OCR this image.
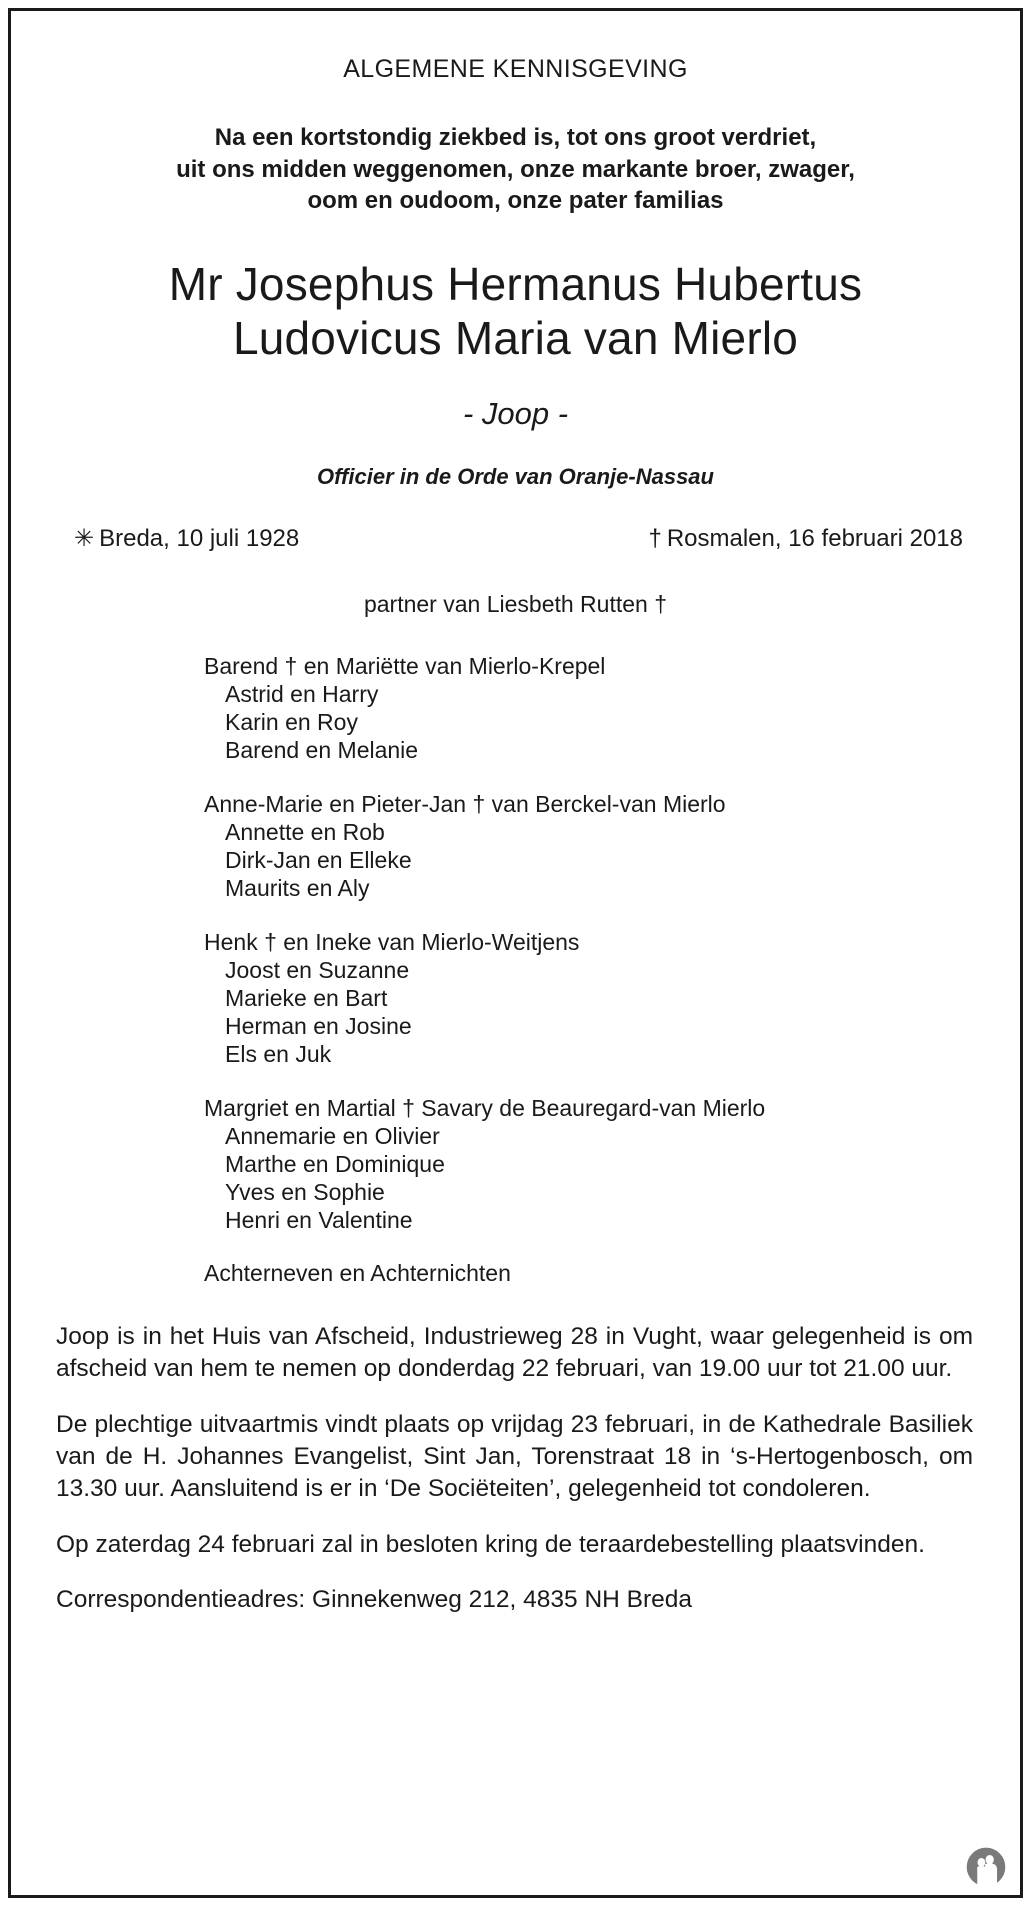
ALGEMENE KENNISGEVING
Na een kortstondig ziekbed is, tot ons groot verdriet,
uit ons midden weggenomen, onze markante broer, zwager,
oom en oudoom, onze pater familias
Mr Josephus Hermanus Hubertus
Ludovicus Maria van Mierlo
- Joop -
Officier in de Orde van Oranje-Nassau
✳ Breda, 10 juli 1928	† Rosmalen, 16 februari 2018
partner van Liesbeth Rutten †
Barend † en Mariëtte van Mierlo-Krepel
Astrid en Harry
Karin en Roy
Barend en Melanie
Anne-Marie en Pieter-Jan † van Berckel-van Mierlo
Annette en Rob
Dirk-Jan en Elleke
Maurits en Aly
Henk † en Ineke van Mierlo-Weitjens
Joost en Suzanne
Marieke en Bart
Herman en Josine
Els en Juk
Margriet en Martial † Savary de Beauregard-van Mierlo
Annemarie en Olivier
Marthe en Dominique
Yves en Sophie
Henri en Valentine
Achterneven en Achternichten

Joop is in het Huis van Afscheid, Industrieweg 28 in Vught, waar gelegenheid is om afscheid van hem te nemen op donderdag 22 februari, van 19.00 uur tot 21.00 uur.

De plechtige uitvaartmis vindt plaats op vrijdag 23 februari, in de Kathedrale Basiliek van de H. Johannes Evangelist, Sint Jan, Torenstraat 18 in ‘s-Hertogenbosch, om 13.30 uur. Aansluitend is er in ‘De Sociëteiten’, gelegenheid tot condoleren.

Op zaterdag 24 februari zal in besloten kring de teraardebestelling plaatsvinden.

Correspondentieadres: Ginnekenweg 212, 4835 NH Breda
